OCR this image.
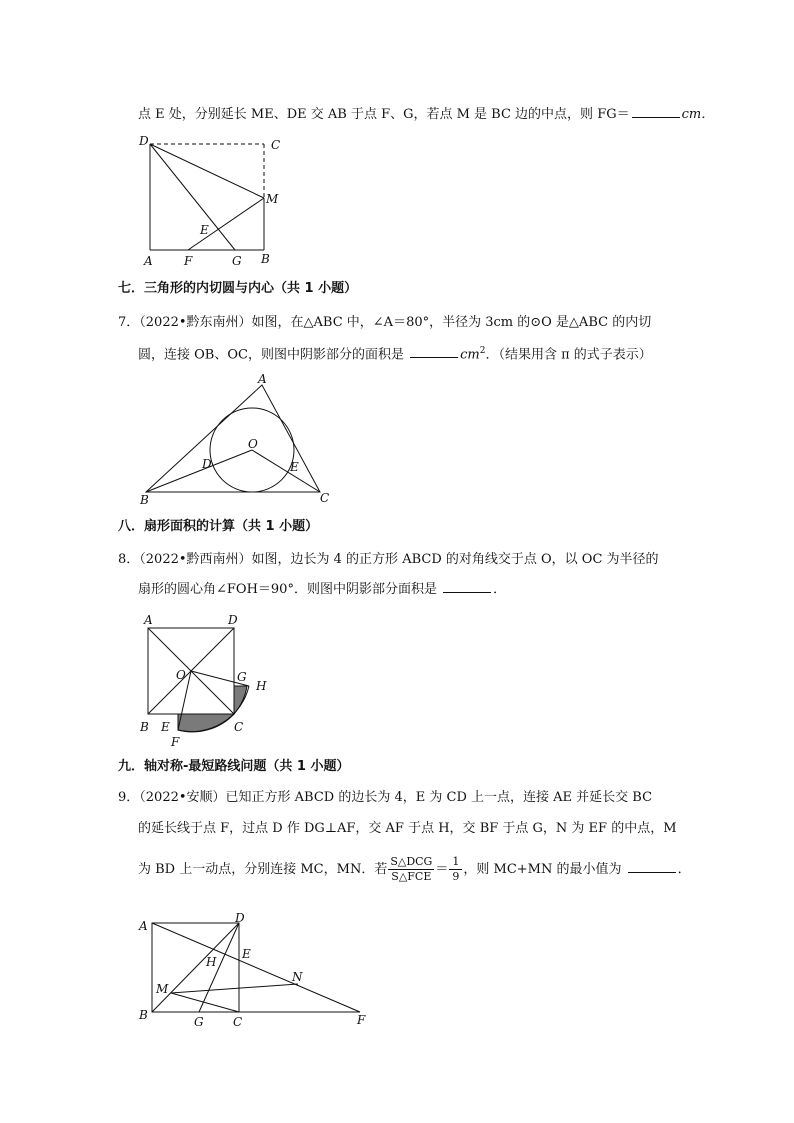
点 E 处，分别延长 ME、DE 交 AB 于点 F、G，若点 M 是 BC 边的中点，则 FG＝	cm．
D	C
M
E
A	F	G B
七．三角形的内切圆与内心（共 1 小题）
7．（2022•黔东南州）如图，在△ABC 中，∠A＝80°，半径为 3cm 的⊙O 是△ABC 的内切
圆，连接 OB、OC，则图中阴影部分的面积是	$cm^2$．（结果用含 π 的式子表示）
A
O
D	E
B	C
八．扇形面积的计算（共 1 小题）
8．（2022•黔西南州）如图，边长为 4 的正方形 ABCD 的对角线交于点 O，以 OC 为半径的
扇形的圆心角∠FOH＝90°．则图中阴影部分面积是	．
A	D
O	G
H
B E	C
F
九．轴对称-最短路线问题（共 1 小题）
9．（2022•安顺）已知正方形 ABCD 的边长为 4，E 为 CD 上一点，连接 AE 并延长交 BC
的延长线于点 F，过点 D 作 DG⊥AF，交 AF 于点 H，交 BF 于点 G，N 为 EF 的中点，M
为 BD 上一动点，分别连接 MC，MN．若 $\frac{\text{S△DCG}}{\text{S△FCE}} = \frac{1}{9}$ ，则 MC+MN 的最小值为	．
A
D
E
H
N
M
B	G C	F
